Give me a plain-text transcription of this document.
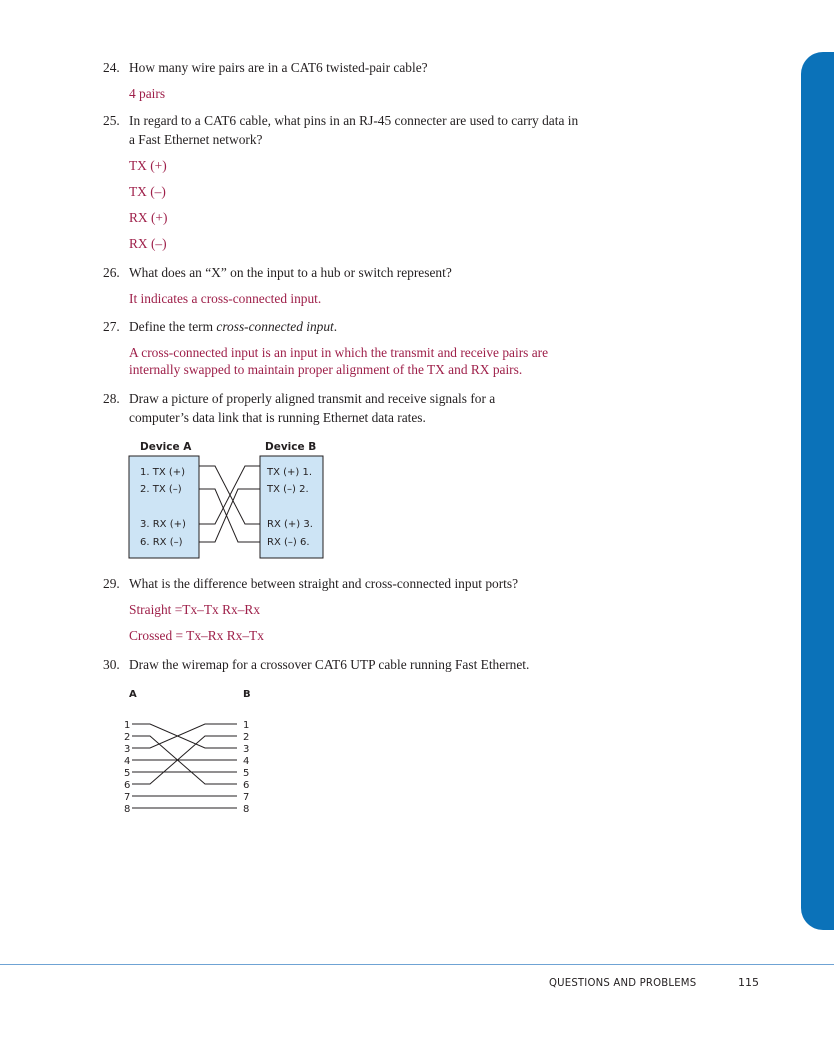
24. How many wire pairs are in a CAT6 twisted-pair cable?
4 pairs
25. In regard to a CAT6 cable, what pins in an RJ-45 connecter are used to carry data in a Fast Ethernet network?
TX (+)
TX (–)
RX (+)
RX (–)
26. What does an “X” on the input to a hub or switch represent?
It indicates a cross-connected input.
27. Define the term cross-connected input.
A cross-connected input is an input in which the transmit and receive pairs are internally swapped to maintain proper alignment of the TX and RX pairs.
28. Draw a picture of properly aligned transmit and receive signals for a computer’s data link that is running Ethernet data rates.
Device A	Device B
1. TX (+)
2. TX (–)
3. RX (+)
6. RX (–)
TX (+) 1.
TX (–) 2.
RX (+) 3.
RX (–) 6.
29. What is the difference between straight and cross-connected input ports?
Straight =Tx–Tx Rx–Rx
Crossed = Tx–Rx Rx–Tx
30. Draw the wiremap for a crossover CAT6 UTP cable running Fast Ethernet.
A	B
1
2
3
4
5
6
7
8
1
2
3
4
5
6
7
8
QUESTIONS AND PROBLEMS	115
